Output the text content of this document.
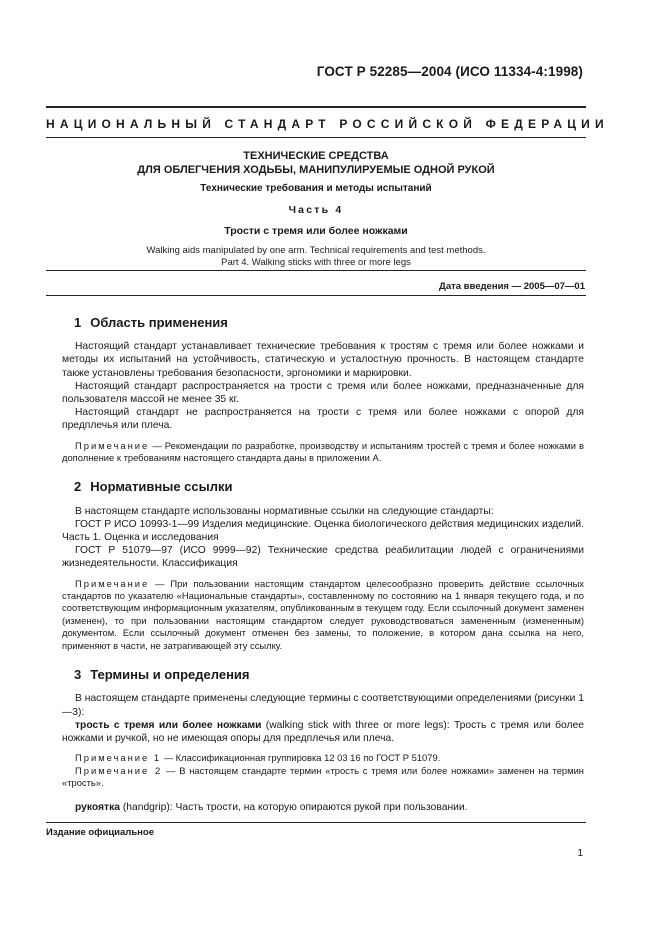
ГОСТ Р 52285—2004 (ИСО 11334-4:1998)
НАЦИОНАЛЬНЫЙ СТАНДАРТ РОССИЙСКОЙ ФЕДЕРАЦИИ
ТЕХНИЧЕСКИЕ СРЕДСТВА
ДЛЯ ОБЛЕГЧЕНИЯ ХОДЬБЫ, МАНИПУЛИРУЕМЫЕ ОДНОЙ РУКОЙ
Технические требования и методы испытаний
Часть 4
Трости с тремя или более ножками
Walking aids manipulated by one arm. Technical requirements and test methods.
Part 4. Walking sticks with three or more legs
Дата введения — 2005—07—01
1 Область применения

Настоящий стандарт устанавливает технические требования к тростям с тремя или более ножками и методы их испытаний на устойчивость, статическую и усталостную прочность. В настоящем стандарте также установлены требования безопасности, эргономики и маркировки.

Настоящий стандарт распространяется на трости с тремя или более ножками, предназначенные для пользователя массой не менее 35 кг.

Настоящий стандарт не распространяется на трости с тремя или более ножками с опорой для предплечья или плеча.

Примечание — Рекомендации по разработке, производству и испытаниям тростей с тремя и более ножками в дополнение к требованиям настоящего стандарта даны в приложении А.
2 Нормативные ссылки

В настоящем стандарте использованы нормативные ссылки на следующие стандарты:

ГОСТ Р ИСО 10993-1—99 Изделия медицинские. Оценка биологического действия медицинских изделий. Часть 1. Оценка и исследования

ГОСТ Р 51079—97 (ИСО 9999—92) Технические средства реабилитации людей с ограничениями жизнедеятельности. Классификация

Примечание — При пользовании настоящим стандартом целесообразно проверить действие ссылочных стандартов по указателю «Национальные стандарты», составленному по состоянию на 1 января текущего года, и по соответствующим информационным указателям, опубликованным в текущем году. Если ссылочный документ заменен (изменен), то при пользовании настоящим стандартом следует руководствоваться замененным (измененным) документом. Если ссылочный документ отменен без замены, то положение, в котором дана ссылка на него, применяют в части, не затрагивающей эту ссылку.
3 Термины и определения

В настоящем стандарте применены следующие термины с соответствующими определениями (рисунки 1—3):

трость с тремя или более ножками (walking stick with three or more legs): Трость с тремя или более ножками и ручкой, но не имеющая опоры для предплечья или плеча.

Примечание 1 — Классификационная группировка 12 03 16 по ГОСТ Р 51079.
Примечание 2 — В настоящем стандарте термин «трость с тремя или более ножками» заменен на термин «трость».

рукоятка (handgrip): Часть трости, на которую опираются рукой при пользовании.

Издание официальное
1
